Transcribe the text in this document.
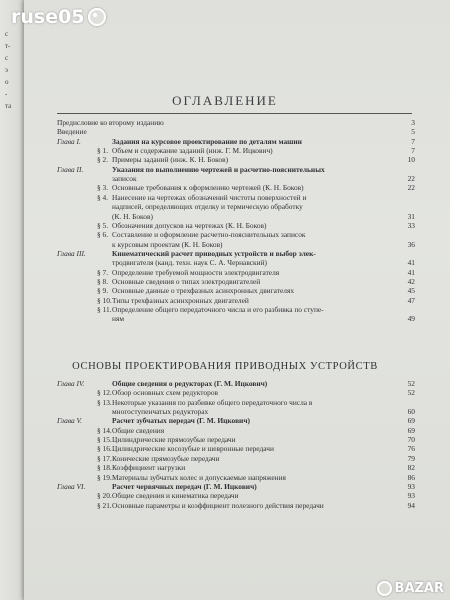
с
т-
с
э
о
-
та
ruse05
ОГЛАВЛЕНИЕ
Предисловие ко второму изданию	3
Введение	5
Глава I.	Задания на курсовое проектирование по деталям машин	7
§ 1. Объем и содержание заданий (инж. Г. М. Ицкович)	7
§ 2. Примеры заданий (инж. К. Н. Боков)	10
Глава II.	Указания по выполнению чертежей и расчетно-пояснительных
записок	22
§ 3. Основные требования к оформлению чертежей (К. Н. Боков)	22
§ 4. Нанесение на чертежах обозначений чистоты поверхностей и
надписей, определяющих отделку и термическую обработку
(К. Н. Боков)	31
§ 5. Обозначения допусков на чертежах (К. Н. Боков)	33
§ 6. Составление и оформление расчетно-пояснительных записок
к курсовым проектам (К. Н. Боков)	36
Глава III.	Кинематический расчет приводных устройств и выбор элек-
тродвигателя (канд. техн. наук С. А. Чернавский)	41
§ 7. Определение требуемой мощности электродвигателя	41
§ 8. Основные сведения о типах электродвигателей	42
§ 9. Основные данные о трехфазных асинхронных двигателях	45
§ 10. Типы трехфазных асинхронных двигателей	47
§ 11. Определение общего передаточного числа и его разбивка по ступе-
ням	49
Глава IV.	Общие сведения о редукторах (Г. М. Ицкович)	52
§ 12. Обзор основных схем редукторов	52
§ 13. Некоторые указания по разбивке общего передаточного числа в
многоступенчатых редукторах	60
Глава V.	Расчет зубчатых передач (Г. М. Ицкович)	69
§ 14. Общие сведения	69
§ 15. Цилиндрические прямозубые передачи	70
§ 16. Цилиндрические косозубые и шевронные передачи	76
§ 17. Конические прямозубые передачи	79
§ 18. Коэффициент нагрузки	82
§ 19. Материалы зубчатых колес и допускаемые напряжения	86
Глава VI.	Расчет червячных передач (Г. М. Ицкович)	93
§ 20. Общие сведения и кинематика передачи	93
§ 21. Основные параметры и коэффициент полезного действия передачи	94
ОСНОВЫ ПРОЕКТИРОВАНИЯ ПРИВОДНЫХ УСТРОЙСТВ
BAZAR
